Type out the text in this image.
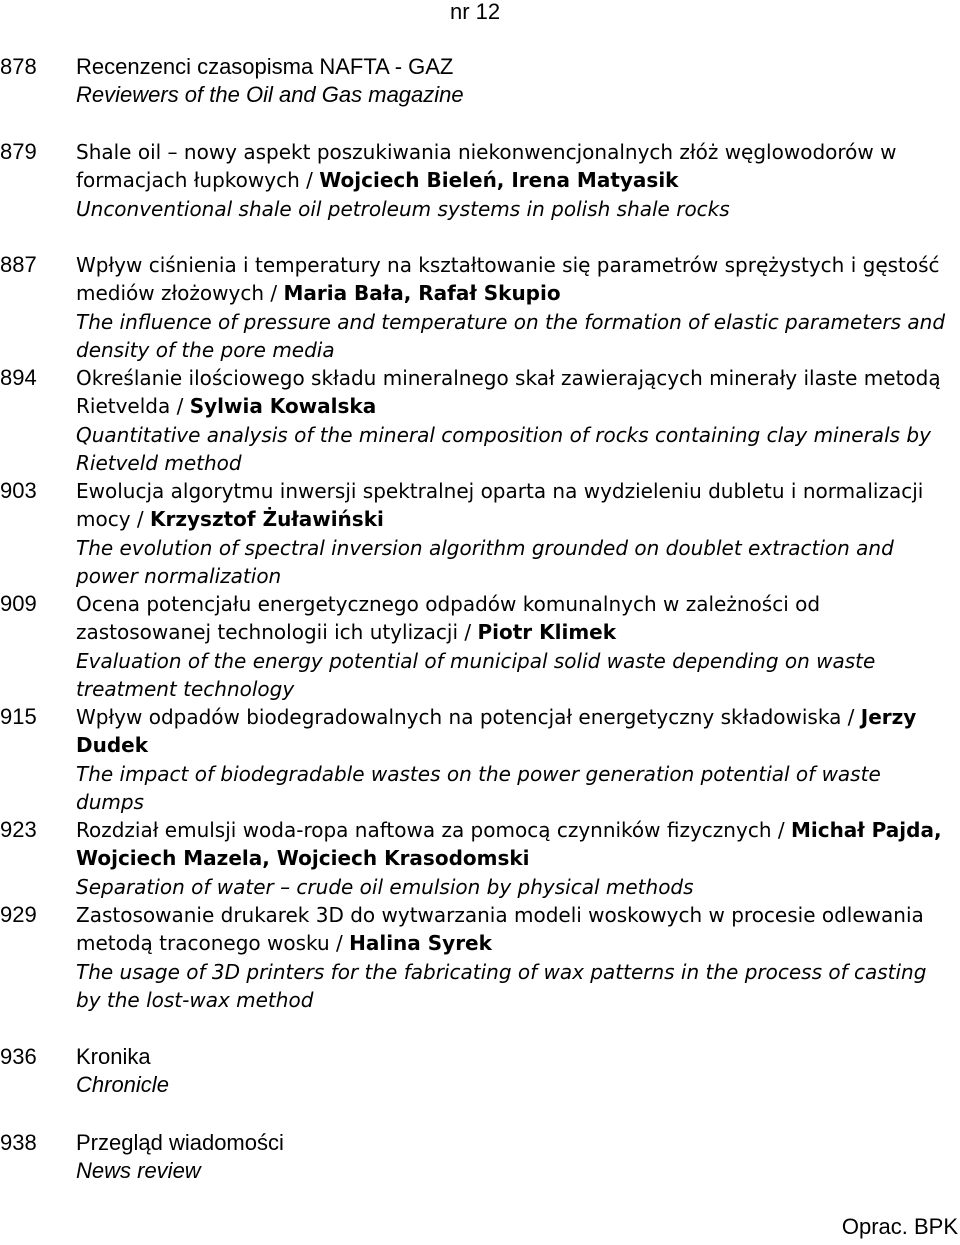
nr 12
878	Recenzenci czasopisma NAFTA - GAZ
Reviewers of the Oil and Gas magazine
879	Shale oil – nowy aspekt poszukiwania niekonwencjonalnych złóż węglowodorów w formacjach łupkowych / Wojciech Bieleń, Irena Matyasik
Unconventional shale oil petroleum systems in polish shale rocks
887	Wpływ ciśnienia i temperatury na kształtowanie się parametrów sprężystych i gęstość mediów złożowych / Maria Bała, Rafał Skupio
The influence of pressure and temperature on the formation of elastic parameters and density of the pore media
894	Określanie ilościowego składu mineralnego skał zawierających minerały ilaste metodą Rietvelda / Sylwia Kowalska
Quantitative analysis of the mineral composition of rocks containing clay minerals by Rietveld method
903	Ewolucja algorytmu inwersji spektralnej oparta na wydzieleniu dubletu i normalizacji mocy / Krzysztof Żuławiński
The evolution of spectral inversion algorithm grounded on doublet extraction and power normalization
909	Ocena potencjału energetycznego odpadów komunalnych w zależności od zastosowanej technologii ich utylizacji / Piotr Klimek
Evaluation of the energy potential of municipal solid waste depending on waste treatment technology
915	Wpływ odpadów biodegradowalnych na potencjał energetyczny składowiska / Jerzy Dudek
The impact of biodegradable wastes on the power generation potential of waste dumps
923	Rozdział emulsji woda-ropa naftowa za pomocą czynników fizycznych / Michał Pajda, Wojciech Mazela, Wojciech Krasodomski
Separation of water – crude oil emulsion by physical methods
929	Zastosowanie drukarek 3D do wytwarzania modeli woskowych w procesie odlewania metodą traconego wosku / Halina Syrek
The usage of 3D printers for the fabricating of wax patterns in the process of casting by the lost-wax method
936	Kronika
Chronicle
938	Przegląd wiadomości
News review
Oprac. BPK
